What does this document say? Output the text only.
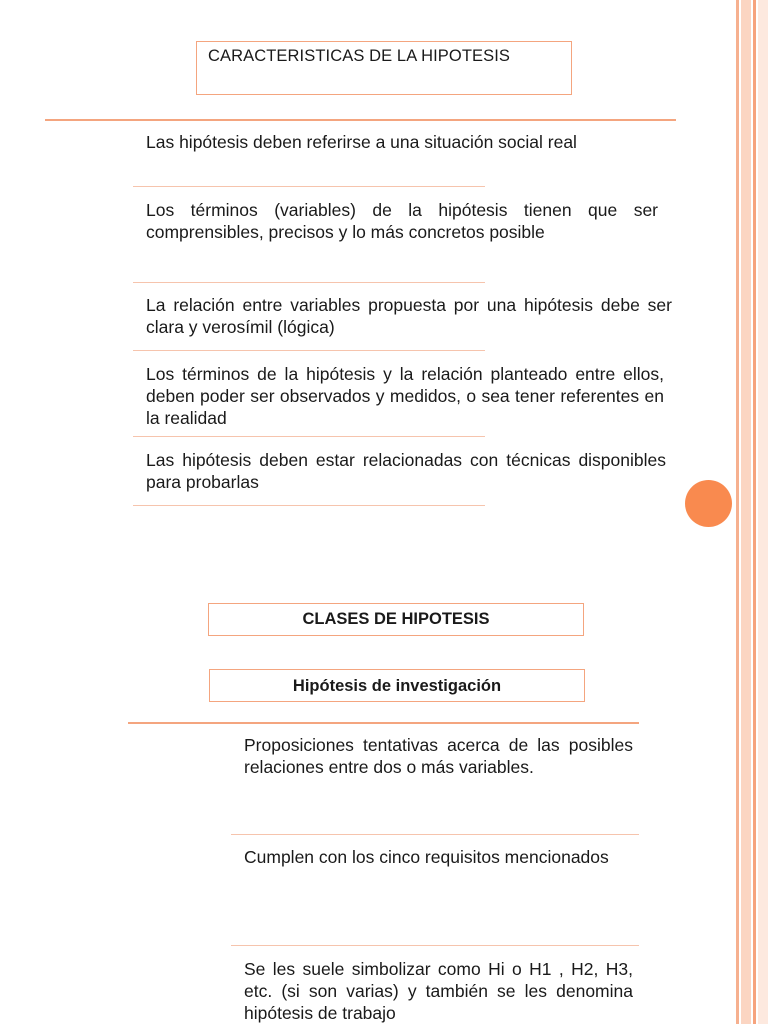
CARACTERISTICAS DE LA HIPOTESIS
Las hipótesis deben referirse a una situación social real
Los términos (variables) de la hipótesis tienen que ser comprensibles, precisos y lo más concretos posible
La relación entre variables propuesta por una hipótesis debe ser clara y verosímil (lógica)
Los términos de la hipótesis y la relación planteado entre ellos, deben poder ser observados y medidos, o sea tener referentes en la realidad
Las hipótesis deben estar relacionadas con técnicas disponibles para probarlas
CLASES DE HIPOTESIS
Hipótesis de investigación
Proposiciones tentativas acerca de las posibles relaciones entre dos o más variables.
Cumplen con los cinco requisitos mencionados
Se les suele simbolizar como Hi o H1 , H2, H3, etc. (si son varias) y también se les denomina hipótesis de trabajo
